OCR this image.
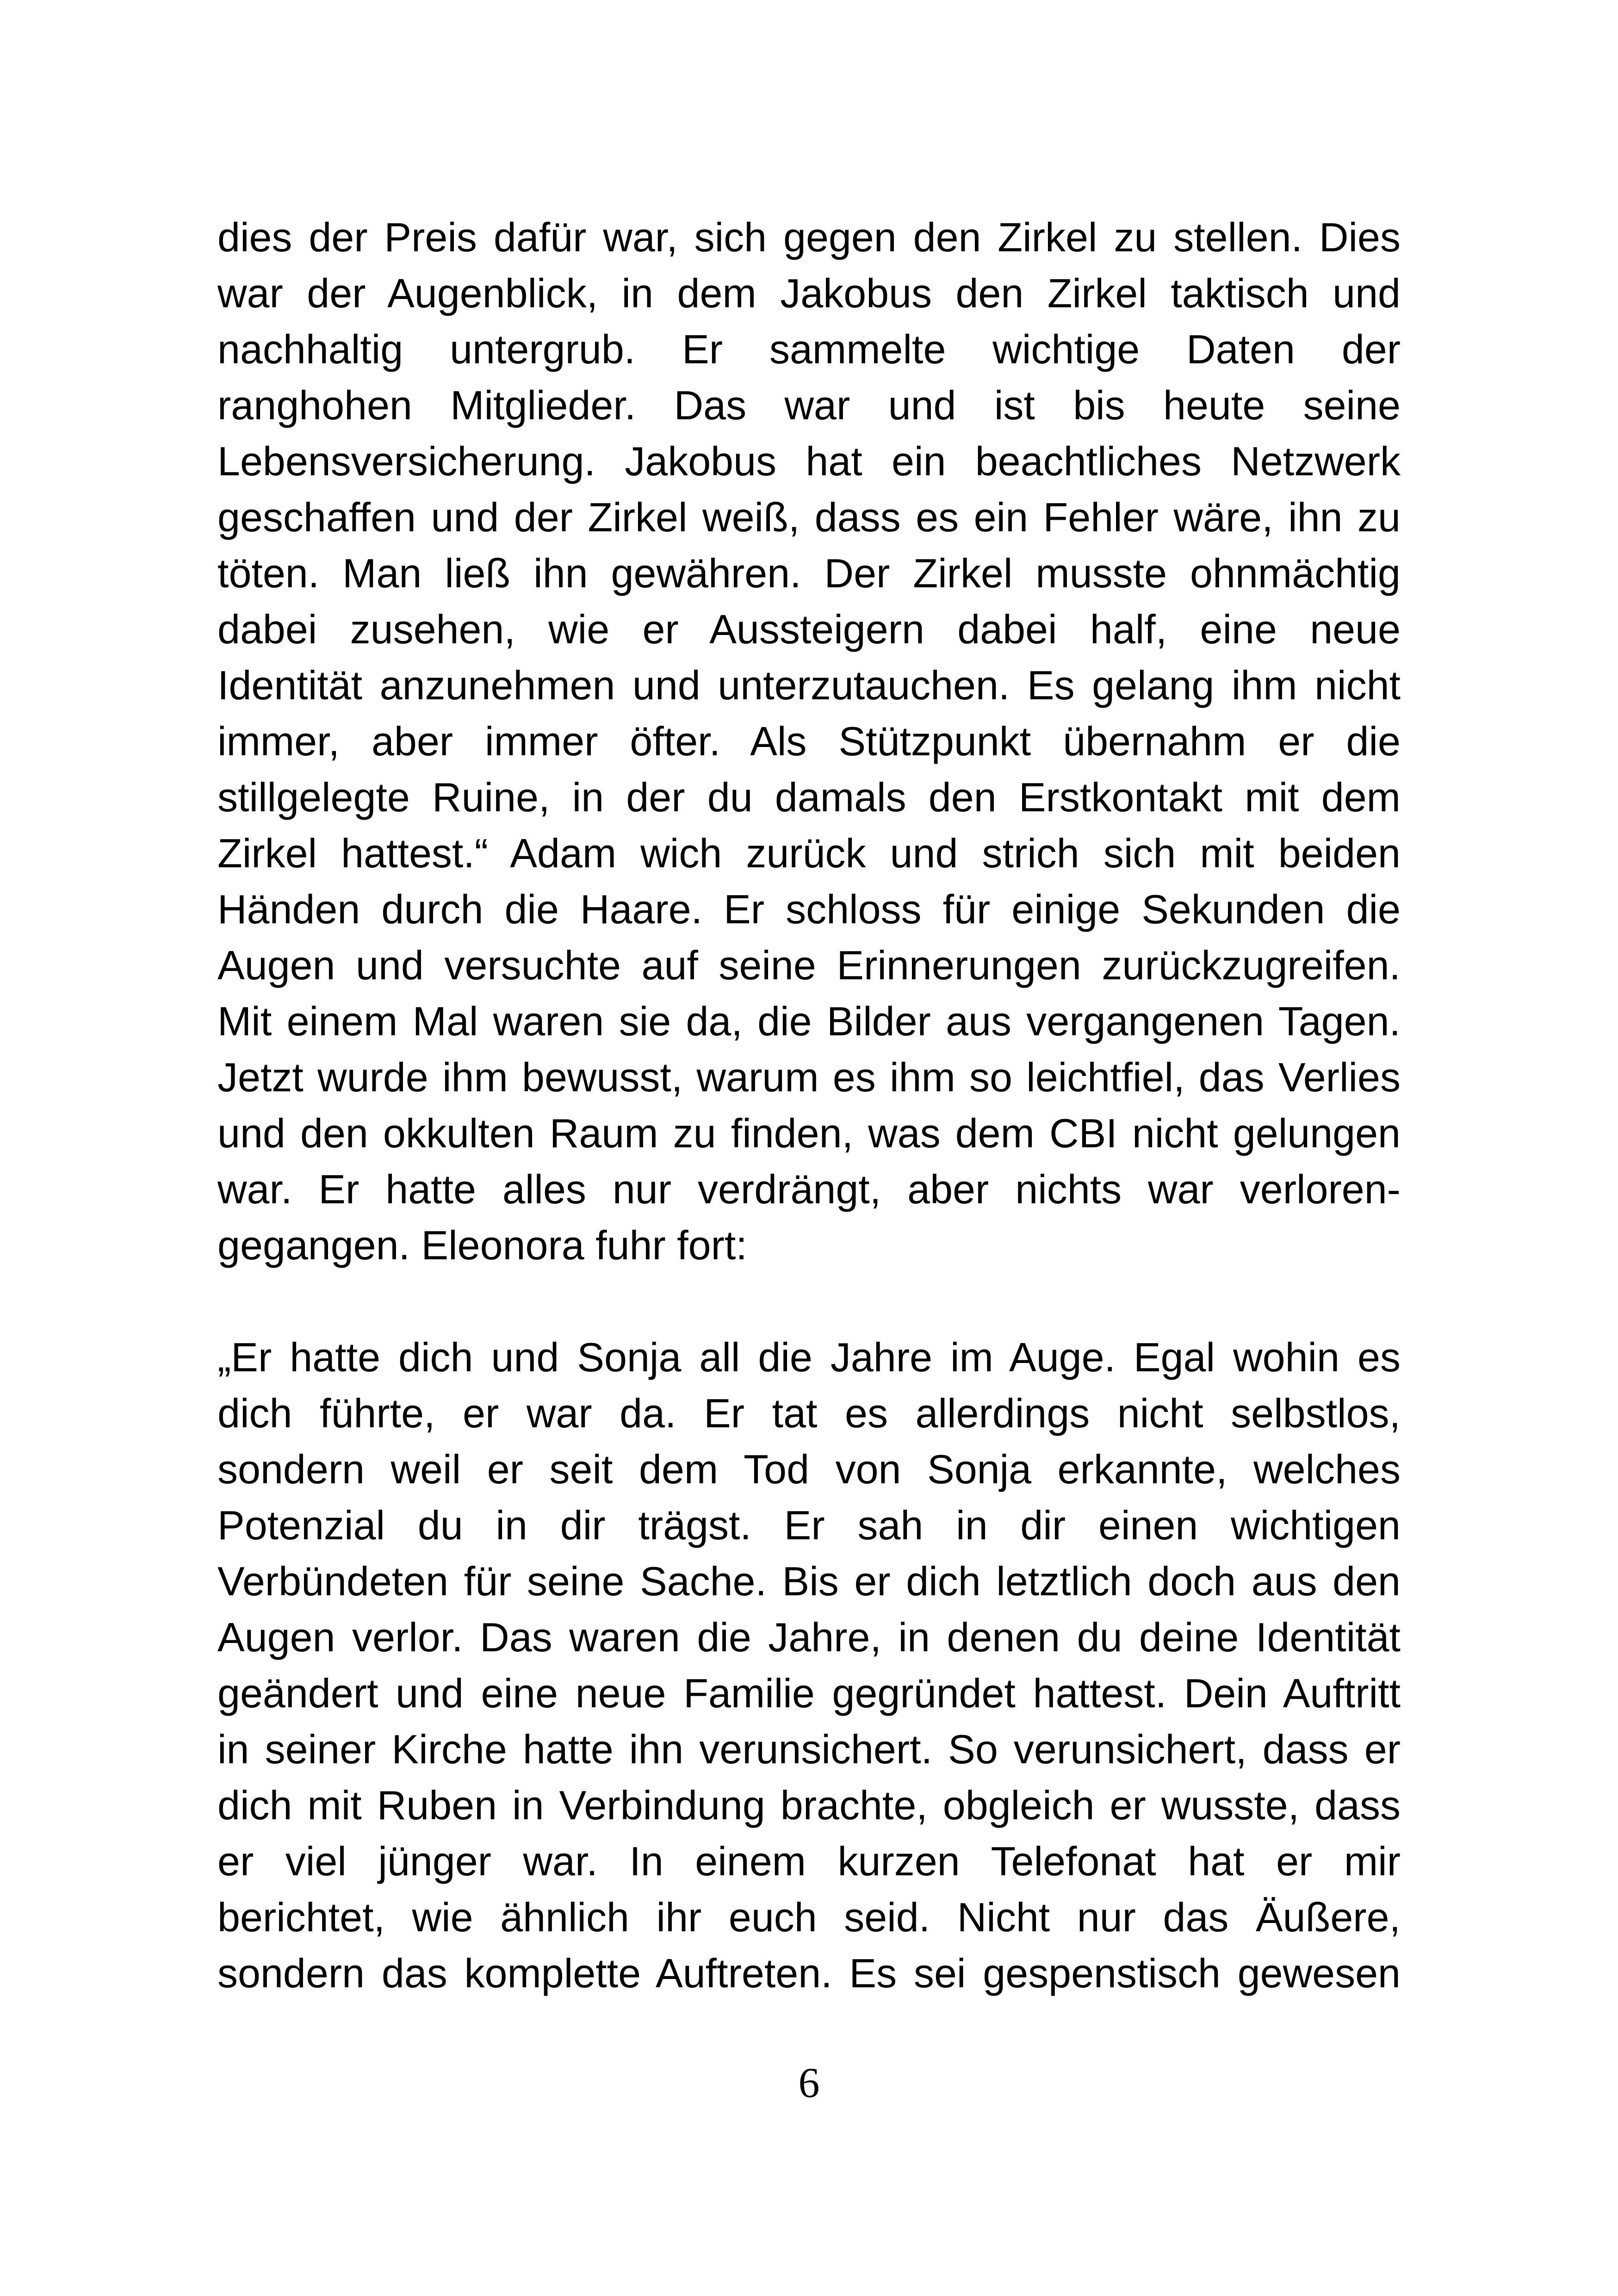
dies der Preis dafür war, sich gegen den Zirkel zu stellen. Dies
war der Augenblick, in dem Jakobus den Zirkel taktisch und
nachhaltig untergrub. Er sammelte wichtige Daten der
ranghohen Mitglieder. Das war und ist bis heute seine
Lebensversicherung. Jakobus hat ein beachtliches Netzwerk
geschaffen und der Zirkel weiß, dass es ein Fehler wäre, ihn zu
töten. Man ließ ihn gewähren. Der Zirkel musste ohnmächtig
dabei zusehen, wie er Aussteigern dabei half, eine neue
Identität anzunehmen und unterzutauchen. Es gelang ihm nicht
immer, aber immer öfter. Als Stützpunkt übernahm er die
stillgelegte Ruine, in der du damals den Erstkontakt mit dem
Zirkel hattest.“ Adam wich zurück und strich sich mit beiden
Händen durch die Haare. Er schloss für einige Sekunden die
Augen und versuchte auf seine Erinnerungen zurückzugreifen.
Mit einem Mal waren sie da, die Bilder aus vergangenen Tagen.
Jetzt wurde ihm bewusst, warum es ihm so leichtfiel, das Verlies
und den okkulten Raum zu finden, was dem CBI nicht gelungen
war. Er hatte alles nur verdrängt, aber nichts war verloren-
gegangen. Eleonora fuhr fort:
„Er hatte dich und Sonja all die Jahre im Auge. Egal wohin es
dich führte, er war da. Er tat es allerdings nicht selbstlos,
sondern weil er seit dem Tod von Sonja erkannte, welches
Potenzial du in dir trägst. Er sah in dir einen wichtigen
Verbündeten für seine Sache. Bis er dich letztlich doch aus den
Augen verlor. Das waren die Jahre, in denen du deine Identität
geändert und eine neue Familie gegründet hattest. Dein Auftritt
in seiner Kirche hatte ihn verunsichert. So verunsichert, dass er
dich mit Ruben in Verbindung brachte, obgleich er wusste, dass
er viel jünger war. In einem kurzen Telefonat hat er mir
berichtet, wie ähnlich ihr euch seid. Nicht nur das Äußere,
sondern das komplette Auftreten. Es sei gespenstisch gewesen
6
